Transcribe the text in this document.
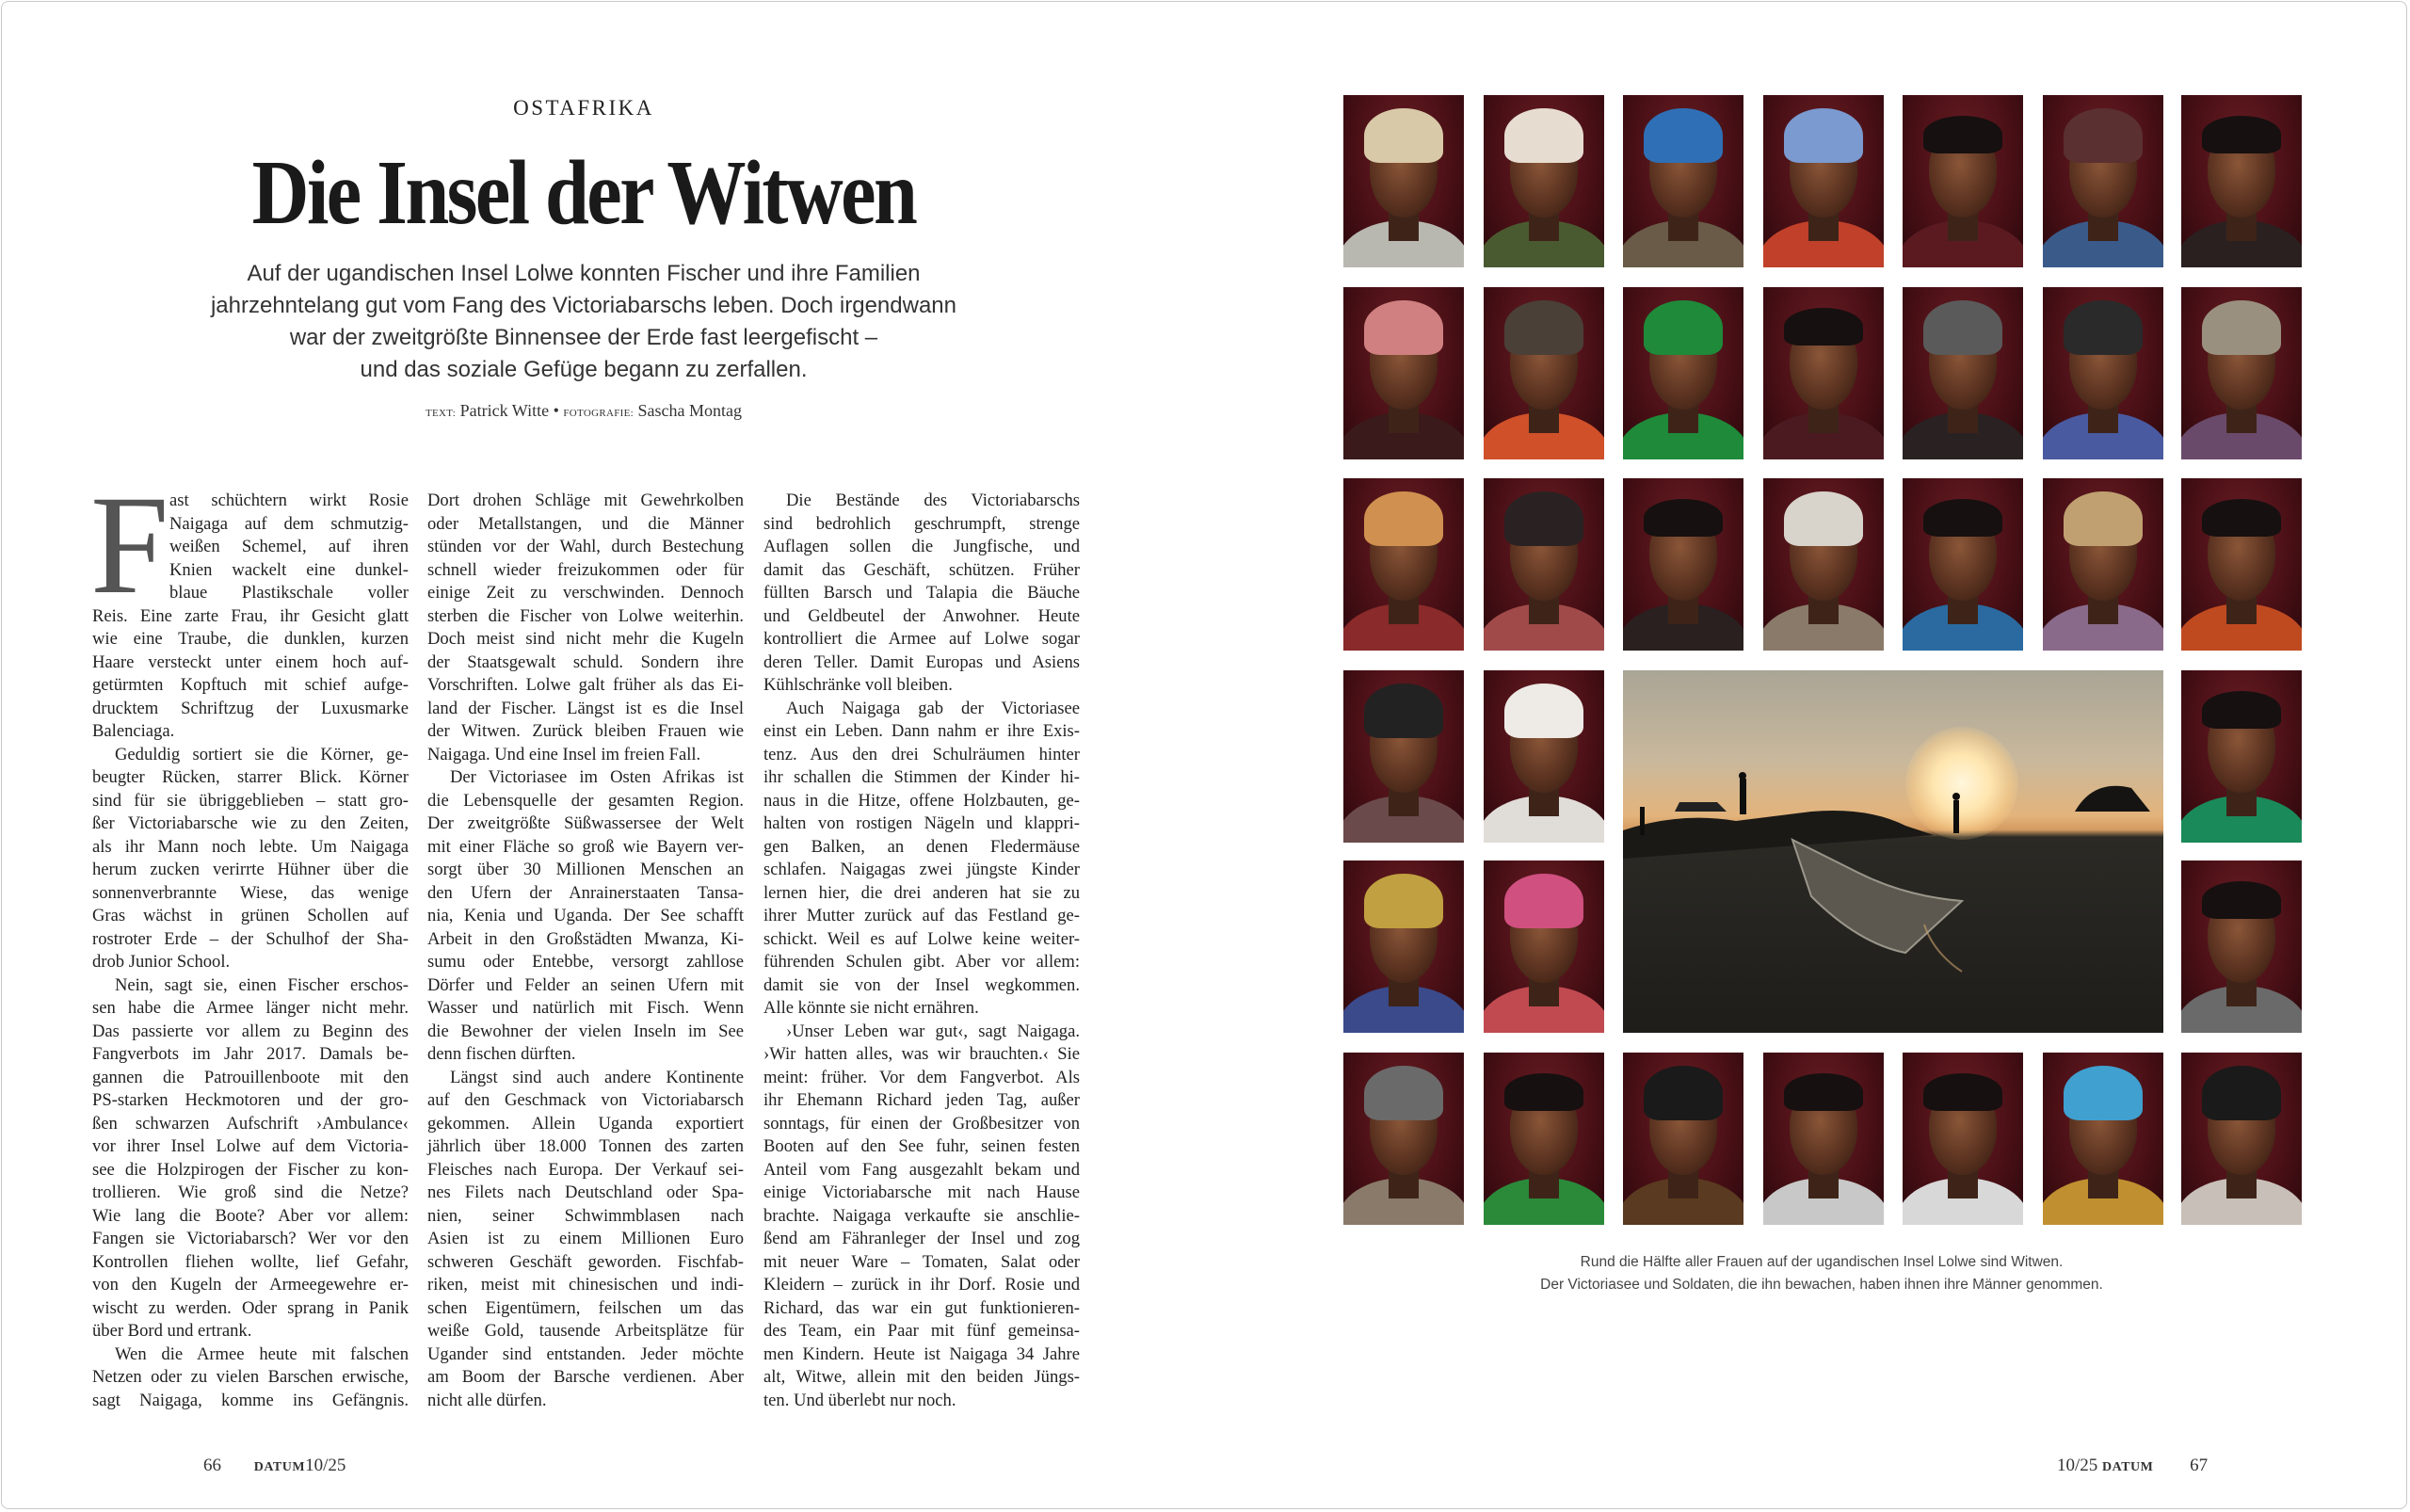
OSTAFRIKA
Die Insel der Witwen
Auf der ugandischen Insel Lolwe konnten Fischer und ihre Familien
jahrzehntelang gut vom Fang des Victoriabarschs leben. Doch irgendwann
war der zweitgrößte Binnensee der Erde fast leergefischt –
und das soziale Gefüge begann zu zerfallen.
TEXT: Patrick Witte • FOTOGRAFIE: Sascha Montag
F ast schüchtern wirkt Rosie
Naigaga auf dem schmutzig-
weißen Schemel, auf ihren
Knien wackelt eine dunkel-
blaue Plastikschale voller
Reis. Eine zarte Frau, ihr Gesicht glatt
wie eine Traube, die dunklen, kurzen
Haare versteckt unter einem hoch auf-
getürmten Kopftuch mit schief aufge-
drucktem Schriftzug der Luxusmarke
Balenciaga.
Geduldig sortiert sie die Körner, ge-
beugter Rücken, starrer Blick. Körner
sind für sie übriggeblieben – statt gro-
ßer Victoriabarsche wie zu den Zeiten,
als ihr Mann noch lebte. Um Naigaga
herum zucken verirrte Hühner über die
sonnenverbrannte Wiese, das wenige
Gras wächst in grünen Schollen auf
rostroter Erde – der Schulhof der Sha-
drob Junior School.
Nein, sagt sie, einen Fischer erschos-
sen habe die Armee länger nicht mehr.
Das passierte vor allem zu Beginn des
Fangverbots im Jahr 2017. Damals be-
gannen die Patrouillenboote mit den
PS-starken Heckmotoren und der gro-
ßen schwarzen Aufschrift ›Ambulance‹
vor ihrer Insel Lolwe auf dem Victoria-
see die Holzpirogen der Fischer zu kon-
trollieren. Wie groß sind die Netze?
Wie lang die Boote? Aber vor allem:
Fangen sie Victoriabarsch? Wer vor den
Kontrollen fliehen wollte, lief Gefahr,
von den Kugeln der Armeegewehre er-
wischt zu werden. Oder sprang in Panik
über Bord und ertrank.
Wen die Armee heute mit falschen
Netzen oder zu vielen Barschen erwische,
sagt Naigaga, komme ins Gefängnis.
Dort drohen Schläge mit Gewehrkolben
oder Metallstangen, und die Männer
stünden vor der Wahl, durch Bestechung
schnell wieder freizukommen oder für
einige Zeit zu verschwinden. Dennoch
sterben die Fischer von Lolwe weiterhin.
Doch meist sind nicht mehr die Kugeln
der Staatsgewalt schuld. Sondern ihre
Vorschriften. Lolwe galt früher als das Ei-
land der Fischer. Längst ist es die Insel
der Witwen. Zurück bleiben Frauen wie
Naigaga. Und eine Insel im freien Fall.
Der Victoriasee im Osten Afrikas ist
die Lebensquelle der gesamten Region.
Der zweitgrößte Süßwassersee der Welt
mit einer Fläche so groß wie Bayern ver-
sorgt über 30 Millionen Menschen an
den Ufern der Anrainerstaaten Tansa-
nia, Kenia und Uganda. Der See schafft
Arbeit in den Großstädten Mwanza, Ki-
sumu oder Entebbe, versorgt zahllose
Dörfer und Felder an seinen Ufern mit
Wasser und natürlich mit Fisch. Wenn
die Bewohner der vielen Inseln im See
denn fischen dürften.
Längst sind auch andere Kontinente
auf den Geschmack von Victoriabarsch
gekommen. Allein Uganda exportiert
jährlich über 18.000 Tonnen des zarten
Fleisches nach Europa. Der Verkauf sei-
nes Filets nach Deutschland oder Spa-
nien, seiner Schwimmblasen nach
Asien ist zu einem Millionen Euro
schweren Geschäft geworden. Fischfab-
riken, meist mit chinesischen und indi-
schen Eigentümern, feilschen um das
weiße Gold, tausende Arbeitsplätze für
Ugander sind entstanden. Jeder möchte
am Boom der Barsche verdienen. Aber
nicht alle dürfen.
Die Bestände des Victoriabarschs
sind bedrohlich geschrumpft, strenge
Auflagen sollen die Jungfische, und
damit das Geschäft, schützen. Früher
füllten Barsch und Talapia die Bäuche
und Geldbeutel der Anwohner. Heute
kontrolliert die Armee auf Lolwe sogar
deren Teller. Damit Europas und Asiens
Kühlschränke voll bleiben.
Auch Naigaga gab der Victoriasee
einst ein Leben. Dann nahm er ihre Exis-
tenz. Aus den drei Schulräumen hinter
ihr schallen die Stimmen der Kinder hi-
naus in die Hitze, offene Holzbauten, ge-
halten von rostigen Nägeln und klappri-
gen Balken, an denen Fledermäuse
schlafen. Naigagas zwei jüngste Kinder
lernen hier, die drei anderen hat sie zu
ihrer Mutter zurück auf das Festland ge-
schickt. Weil es auf Lolwe keine weiter-
führenden Schulen gibt. Aber vor allem:
damit sie von der Insel wegkommen.
Alle könnte sie nicht ernähren.
›Unser Leben war gut‹, sagt Naigaga.
›Wir hatten alles, was wir brauchten.‹ Sie
meint: früher. Vor dem Fangverbot. Als
ihr Ehemann Richard jeden Tag, außer
sonntags, für einen der Großbesitzer von
Booten auf den See fuhr, seinen festen
Anteil vom Fang ausgezahlt bekam und
einige Victoriabarsche mit nach Hause
brachte. Naigaga verkaufte sie anschlie-
ßend am Fähranleger der Insel und zog
mit neuer Ware – Tomaten, Salat oder
Kleidern – zurück in ihr Dorf. Rosie und
Richard, das war ein gut funktionieren-
des Team, ein Paar mit fünf gemeinsa-
men Kindern. Heute ist Naigaga 34 Jahre
alt, Witwe, allein mit den beiden Jüngs-
ten. Und überlebt nur noch.
Rund die Hälfte aller Frauen auf der ugandischen Insel Lolwe sind Witwen.
Der Victoriasee und Soldaten, die ihn bewachen, haben ihnen ihre Männer genommen.
66 DATUM10/25	10/25 DATUM 67
